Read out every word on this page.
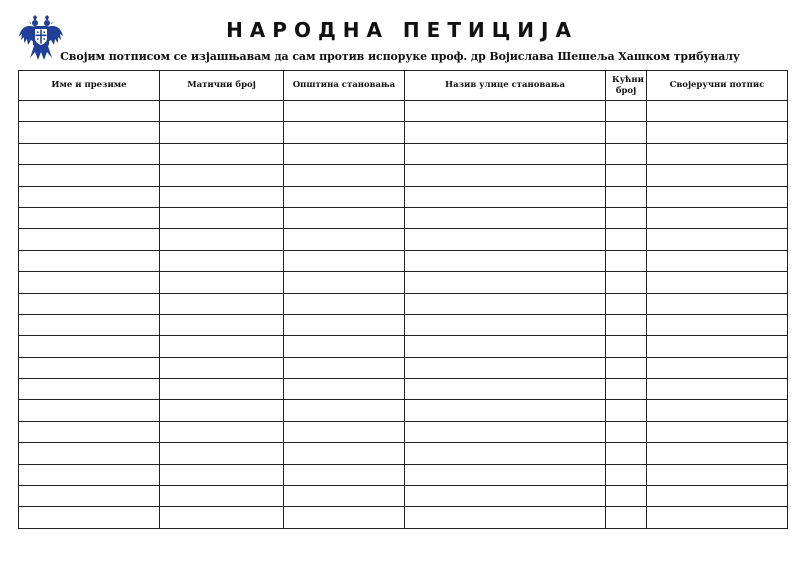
НАРОДНА ПЕТИЦИЈА
Својим потписом се изјашњавам да сам против испоруке проф. др Војислава Шешеља Хашком трибуналу
Име и презиме	Матични број	Општина становања	Назив улице становања	Кућни број	Својеручни потпис
